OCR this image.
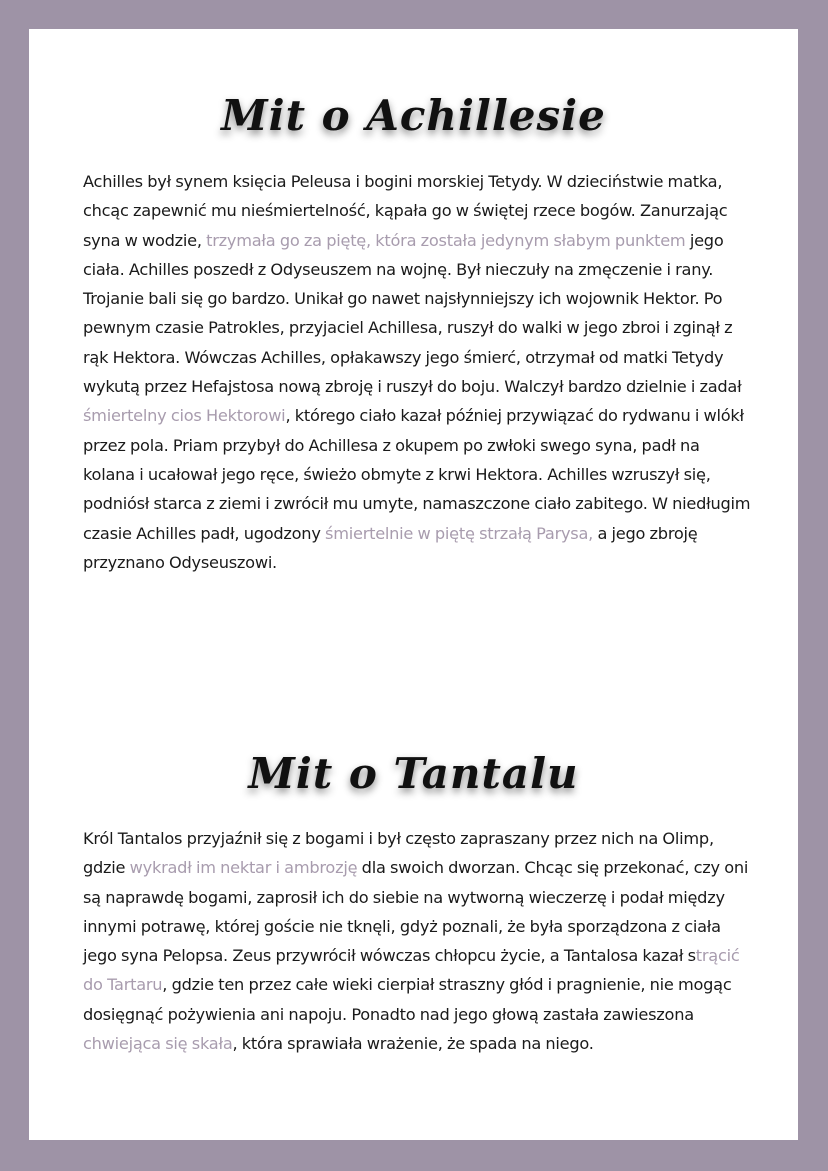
Mit o Achillesie

Achilles był synem księcia Peleusa i bogini morskiej Tetydy. W dzieciństwie matka, chcąc zapewnić mu nieśmiertelność, kąpała go w świętej rzece bogów. Zanurzając syna w wodzie, trzymała go za piętę, która została jedynym słabym punktem jego ciała. Achilles poszedł z Odyseuszem na wojnę. Był nieczuły na zmęczenie i rany. Trojanie bali się go bardzo. Unikał go nawet najsłynniejszy ich wojownik Hektor. Po pewnym czasie Patrokles, przyjaciel Achillesa, ruszył do walki w jego zbroi i zginął z rąk Hektora. Wówczas Achilles, opłakawszy jego śmierć, otrzymał od matki Tetydy wykutą przez Hefajstosa nową zbroję i ruszył do boju. Walczył bardzo dzielnie i zadał śmiertelny cios Hektorowi, którego ciało kazał później przywiązać do rydwanu i wlókł przez pola. Priam przybył do Achillesa z okupem po zwłoki swego syna, padł na kolana i ucałował jego ręce, świeżo obmyte z krwi Hektora. Achilles wzruszył się, podniósł starca z ziemi i zwrócił mu umyte, namaszczone ciało zabitego. W niedługim czasie Achilles padł, ugodzony śmiertelnie w piętę strzałą Parysa, a jego zbroję przyznano Odyseuszowi.

Mit o Tantalu

Król Tantalos przyjaźnił się z bogami i był często zapraszany przez nich na Olimp, gdzie wykradł im nektar i ambrozję dla swoich dworzan. Chcąc się przekonać, czy oni są naprawdę bogami, zaprosił ich do siebie na wytworną wieczerzę i podał między innymi potrawę, której goście nie tknęli, gdyż poznali, że była sporządzona z ciała jego syna Pelopsa. Zeus przywrócił wówczas chłopcu życie, a Tantalosa kazał strącić do Tartaru, gdzie ten przez całe wieki cierpiał straszny głód i pragnienie, nie mogąc dosięgnąć pożywienia ani napoju. Ponadto nad jego głową zastała zawieszona chwiejąca się skała, która sprawiała wrażenie, że spada na niego.
